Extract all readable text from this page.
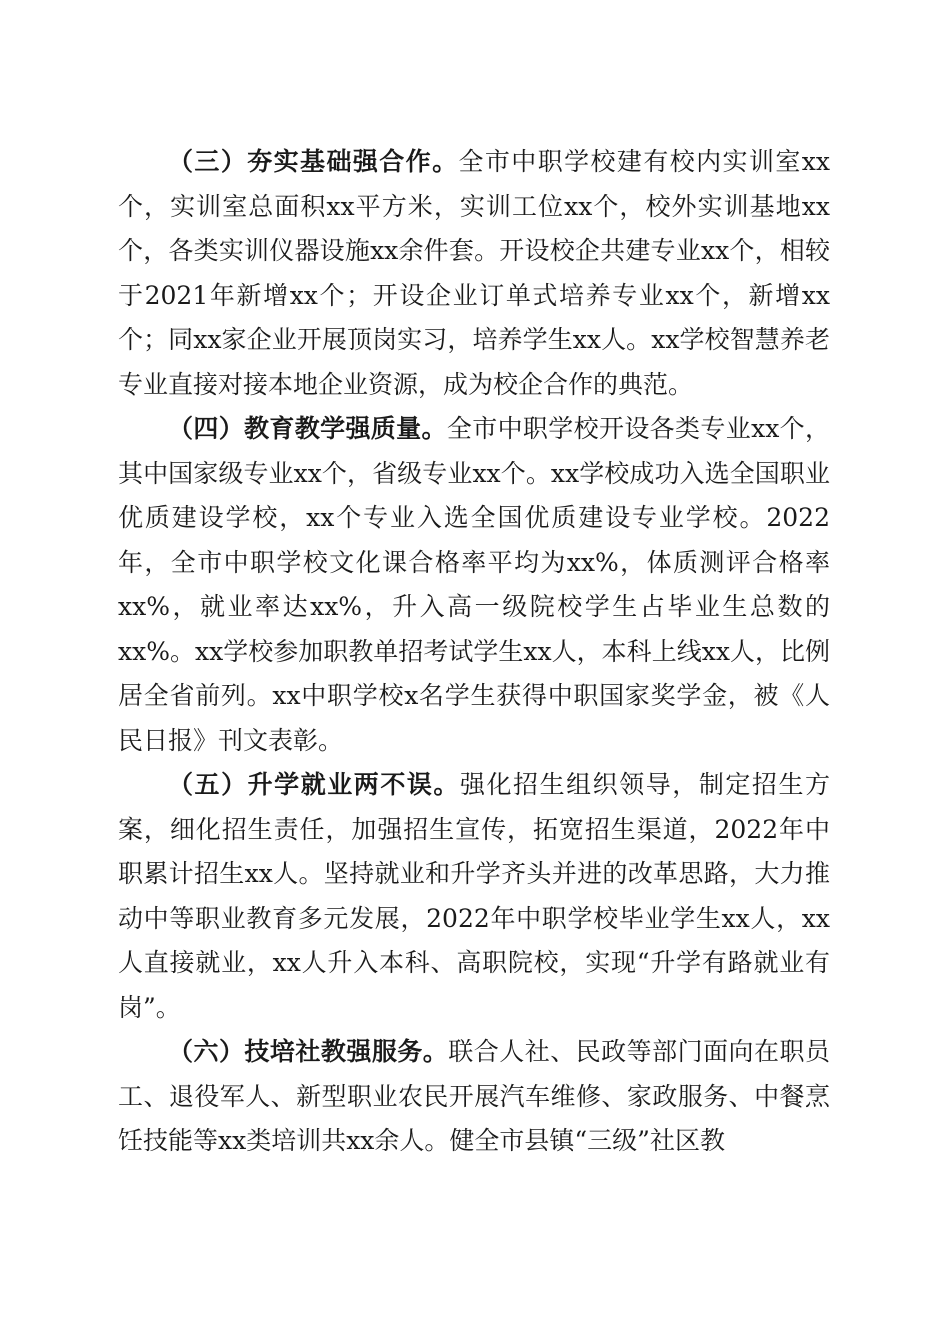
（三）夯实基础强合作。全市中职学校建有校内实训室xx个，实训室总面积xx平方米，实训工位xx个，校外实训基地xx个，各类实训仪器设施xx余件套。开设校企共建专业xx个，相较于2021年新增xx个；开设企业订单式培养专业xx个，新增xx个；同xx家企业开展顶岗实习，培养学生xx人。xx学校智慧养老专业直接对接本地企业资源，成为校企合作的典范。

（四）教育教学强质量。全市中职学校开设各类专业xx个，其中国家级专业xx个，省级专业xx个。xx学校成功入选全国职业优质建设学校，xx个专业入选全国优质建设专业学校。2022年，全市中职学校文化课合格率平均为xx%，体质测评合格率xx%，就业率达xx%，升入高一级院校学生占毕业生总数的xx%。xx学校参加职教单招考试学生xx人，本科上线xx人，比例居全省前列。xx中职学校x名学生获得中职国家奖学金，被《人民日报》刊文表彰。

（五）升学就业两不误。强化招生组织领导，制定招生方案，细化招生责任，加强招生宣传，拓宽招生渠道，2022年中职累计招生xx人。坚持就业和升学齐头并进的改革思路，大力推动中等职业教育多元发展，2022年中职学校毕业学生xx人，xx人直接就业，xx人升入本科、高职院校，实现“升学有路就业有岗”。

（六）技培社教强服务。联合人社、民政等部门面向在职员工、退役军人、新型职业农民开展汽车维修、家政服务、中餐烹饪技能等xx类培训共xx余人。健全市县镇“三级”社区教
